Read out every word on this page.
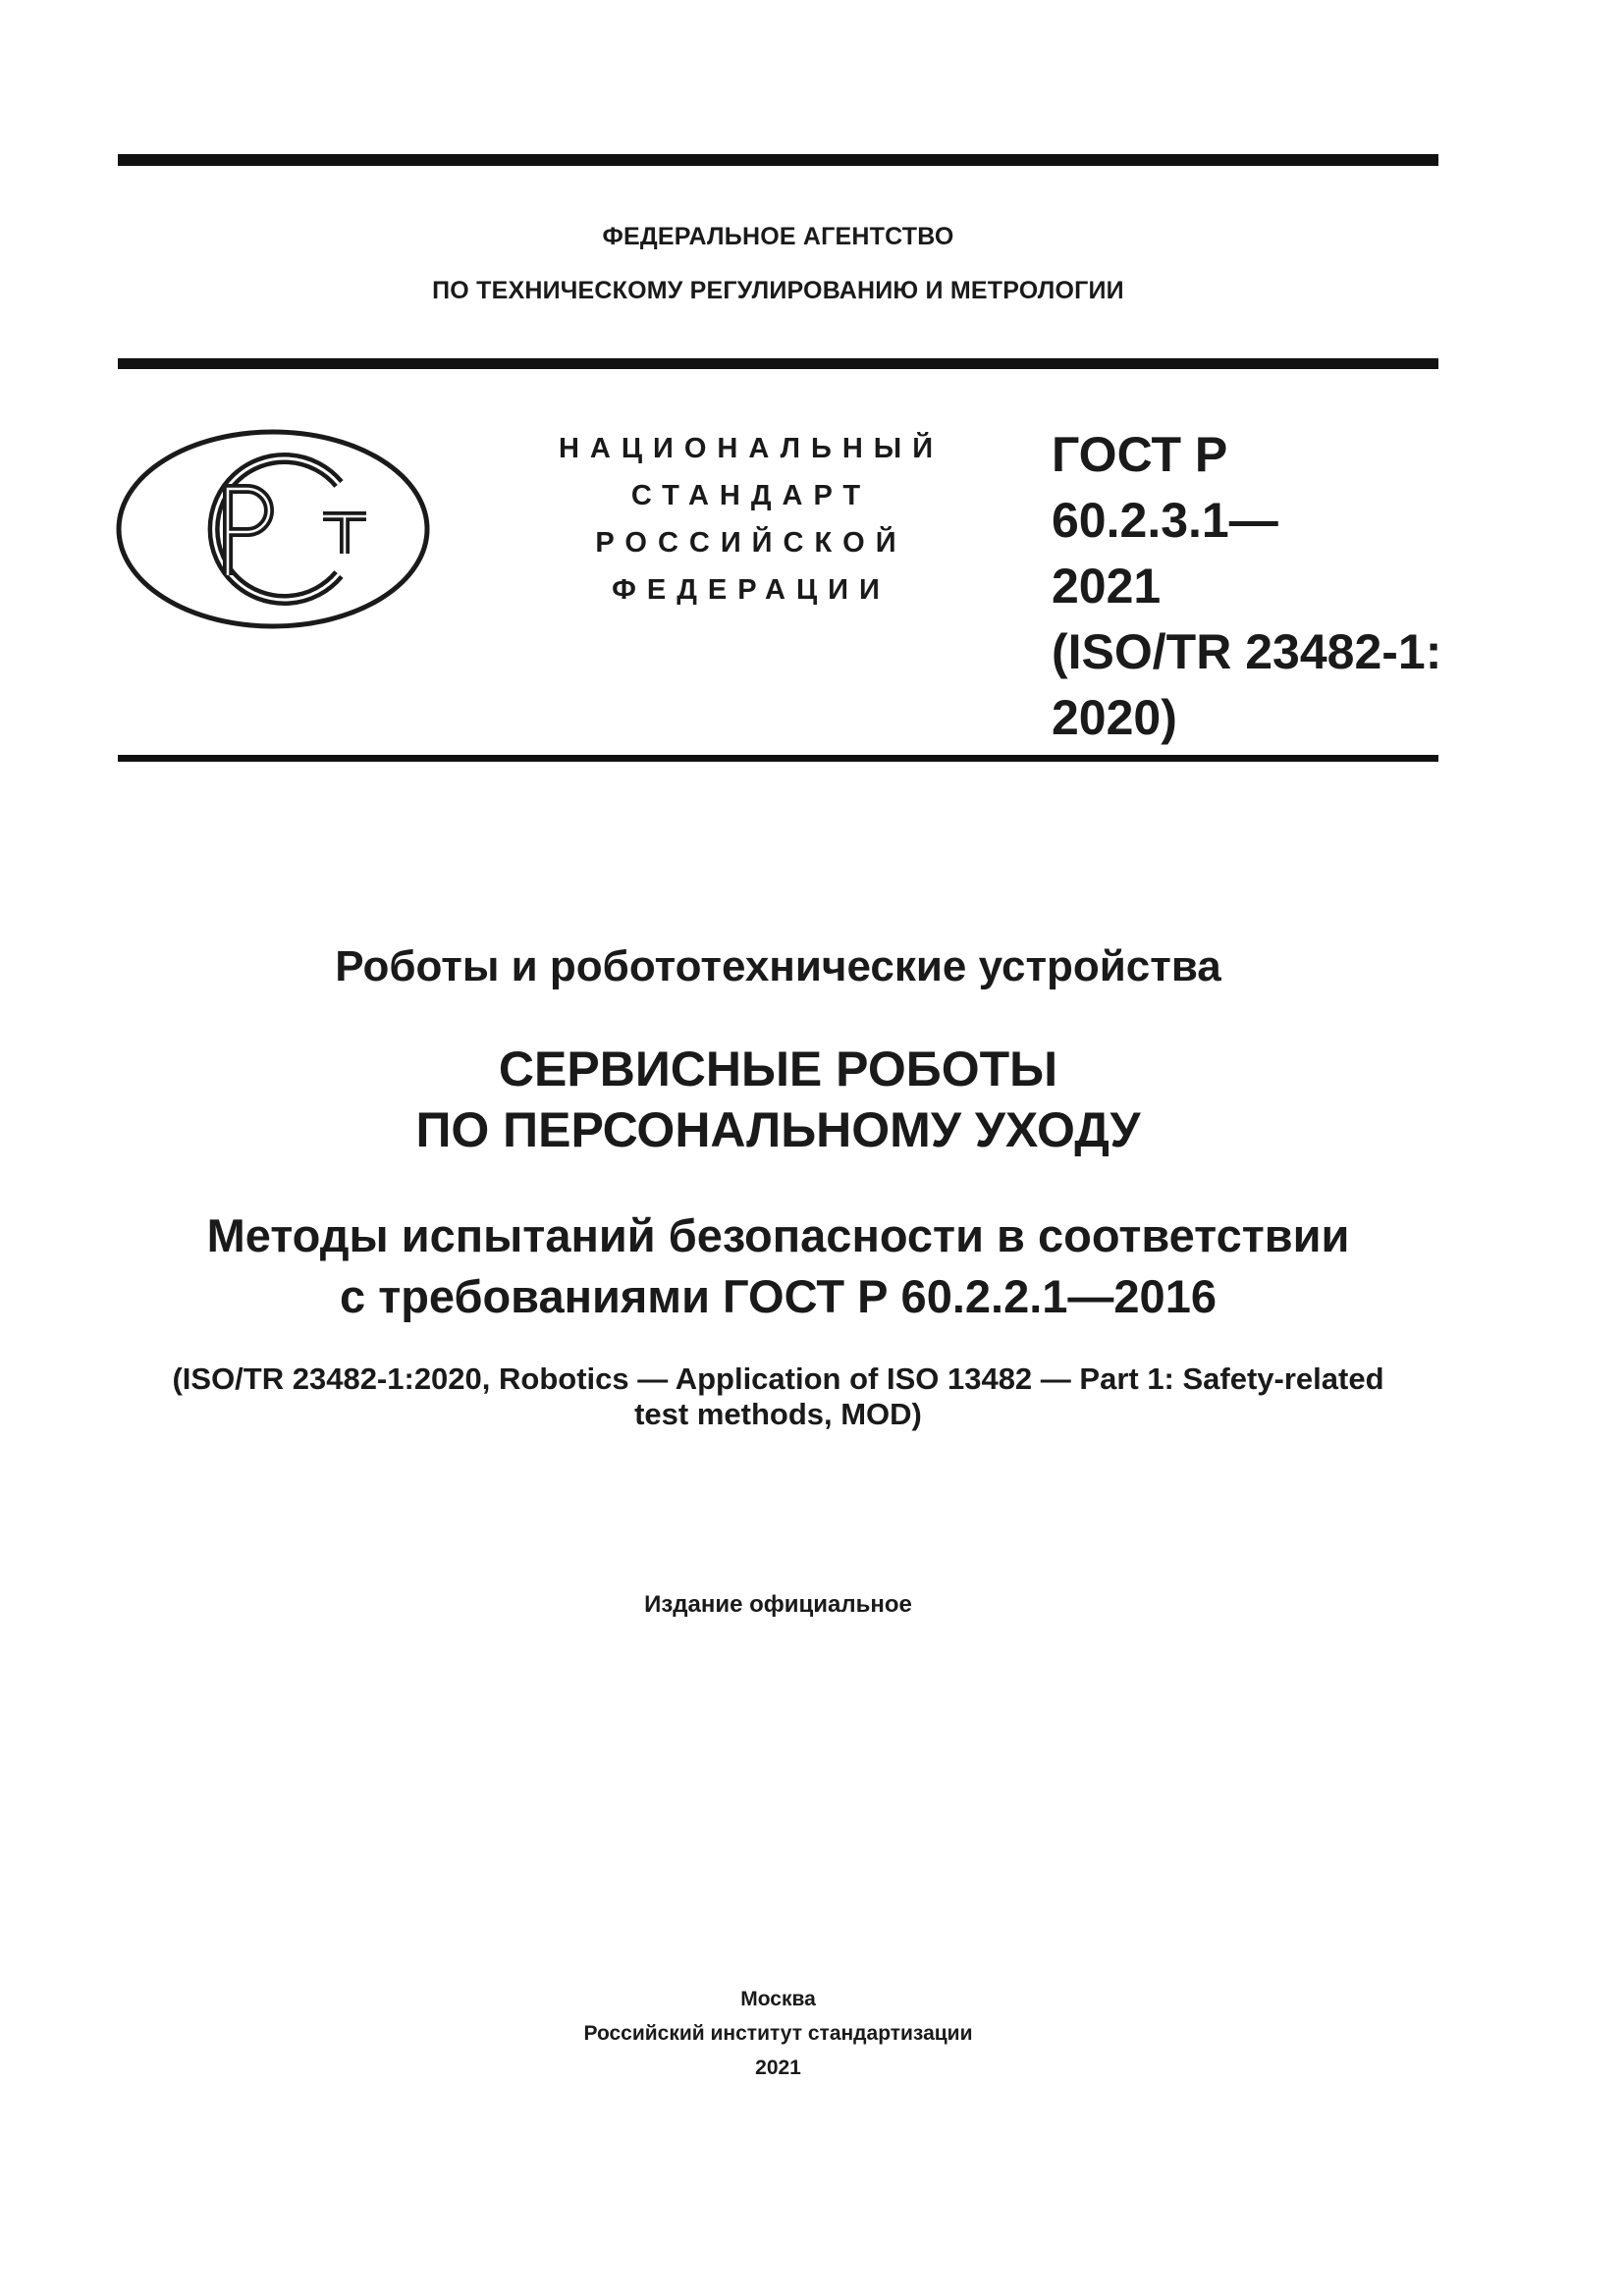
ФЕДЕРАЛЬНОЕ АГЕНТСТВО
ПО ТЕХНИЧЕСКОМУ РЕГУЛИРОВАНИЮ И МЕТРОЛОГИИ
НАЦИОНАЛЬНЫЙ
СТАНДАРТ
РОССИЙСКОЙ
ФЕДЕРАЦИИ
ГОСТ Р
60.2.3.1—
2021
(ISO/TR 23482-1:
2020)
Роботы и робототехнические устройства
СЕРВИСНЫЕ РОБОТЫ
ПО ПЕРСОНАЛЬНОМУ УХОДУ
Методы испытаний безопасности в соответствии
с требованиями ГОСТ Р 60.2.2.1—2016
(ISO/TR 23482-1:2020, Robotics — Application of ISO 13482 — Part 1: Safety-related
test methods, MOD)
Издание официальное
Москва
Российский институт стандартизации
2021
